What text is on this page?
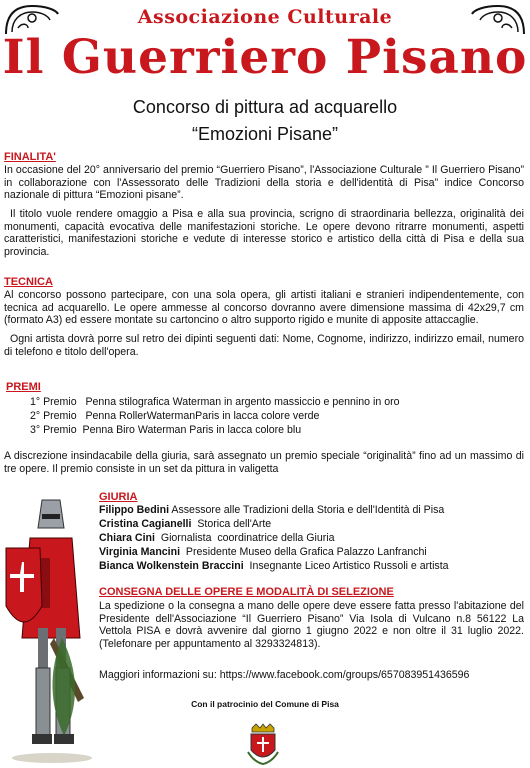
Associazione Culturale
Il Guerriero Pisano
Concorso di pittura ad acquarello
“Emozioni Pisane”
FINALITA'
In occasione del 20° anniversario del premio “Guerriero Pisano”, l'Associazione Culturale ” Il Guerriero Pisano” in collaborazione con l'Assessorato delle Tradizioni della storia e dell'identità di Pisa” indice Concorso nazionale di pittura “Emozioni pisane”.
Il titolo vuole rendere omaggio a Pisa e alla sua provincia, scrigno di straordinaria bellezza, originalità dei monumenti, capacità evocativa delle manifestazioni storiche. Le opere devono ritrarre monumenti, aspetti caratteristici, manifestazioni storiche e vedute di interesse storico e artistico della città di Pisa e della sua provincia.
TECNICA
Al concorso possono partecipare, con una sola opera, gli artisti italiani e stranieri indipendentemente, con tecnica ad acquarello. Le opere ammesse al concorso dovranno avere dimensione massima di 42x29,7 cm (formato A3) ed essere montate su cartoncino o altro supporto rigido e munite di apposite attaccaglie.
Ogni artista dovrà porre sul retro dei dipinti seguenti dati: Nome, Cognome, indirizzo, indirizzo email, numero di telefono e titolo dell'opera.
PREMI
1° Premio   Penna stilografica Waterman in argento massiccio e pennino in oro
2° Premio   Penna RollerWatermanParis in lacca colore verde
3° Premio  Penna Biro Waterman Paris in lacca colore blu
A discrezione insindacabile della giuria, sarà assegnato un premio speciale “originalità” fino ad un massimo di tre opere. Il premio consiste in un set da pittura in valigetta
GIURIA
Filippo Bedini Assessore alle Tradizioni della Storia e dell'Identità di Pisa
Cristina Cagianelli  Storica dell'Arte
Chiara Cini  Giornalista  coordinatrice della Giuria
Virginia Mancini  Presidente Museo della Grafica Palazzo Lanfranchi
Bianca Wolkenstein Braccini  Insegnante Liceo Artistico Russoli e artista
CONSEGNA DELLE OPERE E MODALITÀ DI SELEZIONE
La spedizione o la consegna a mano delle opere deve essere fatta presso l'abitazione del Presidente dell'Associazione “Il Guerriero Pisano” Via Isola di Vulcano n.8 56122 La Vettola PISA e dovrà avvenire dal giorno 1 giugno 2022 e non oltre il 31 luglio 2022. (Telefonare per appuntamento al 3293324813).
Maggiori informazioni su: https://www.facebook.com/groups/657083951436596
Con il patrocinio del Comune di Pisa
